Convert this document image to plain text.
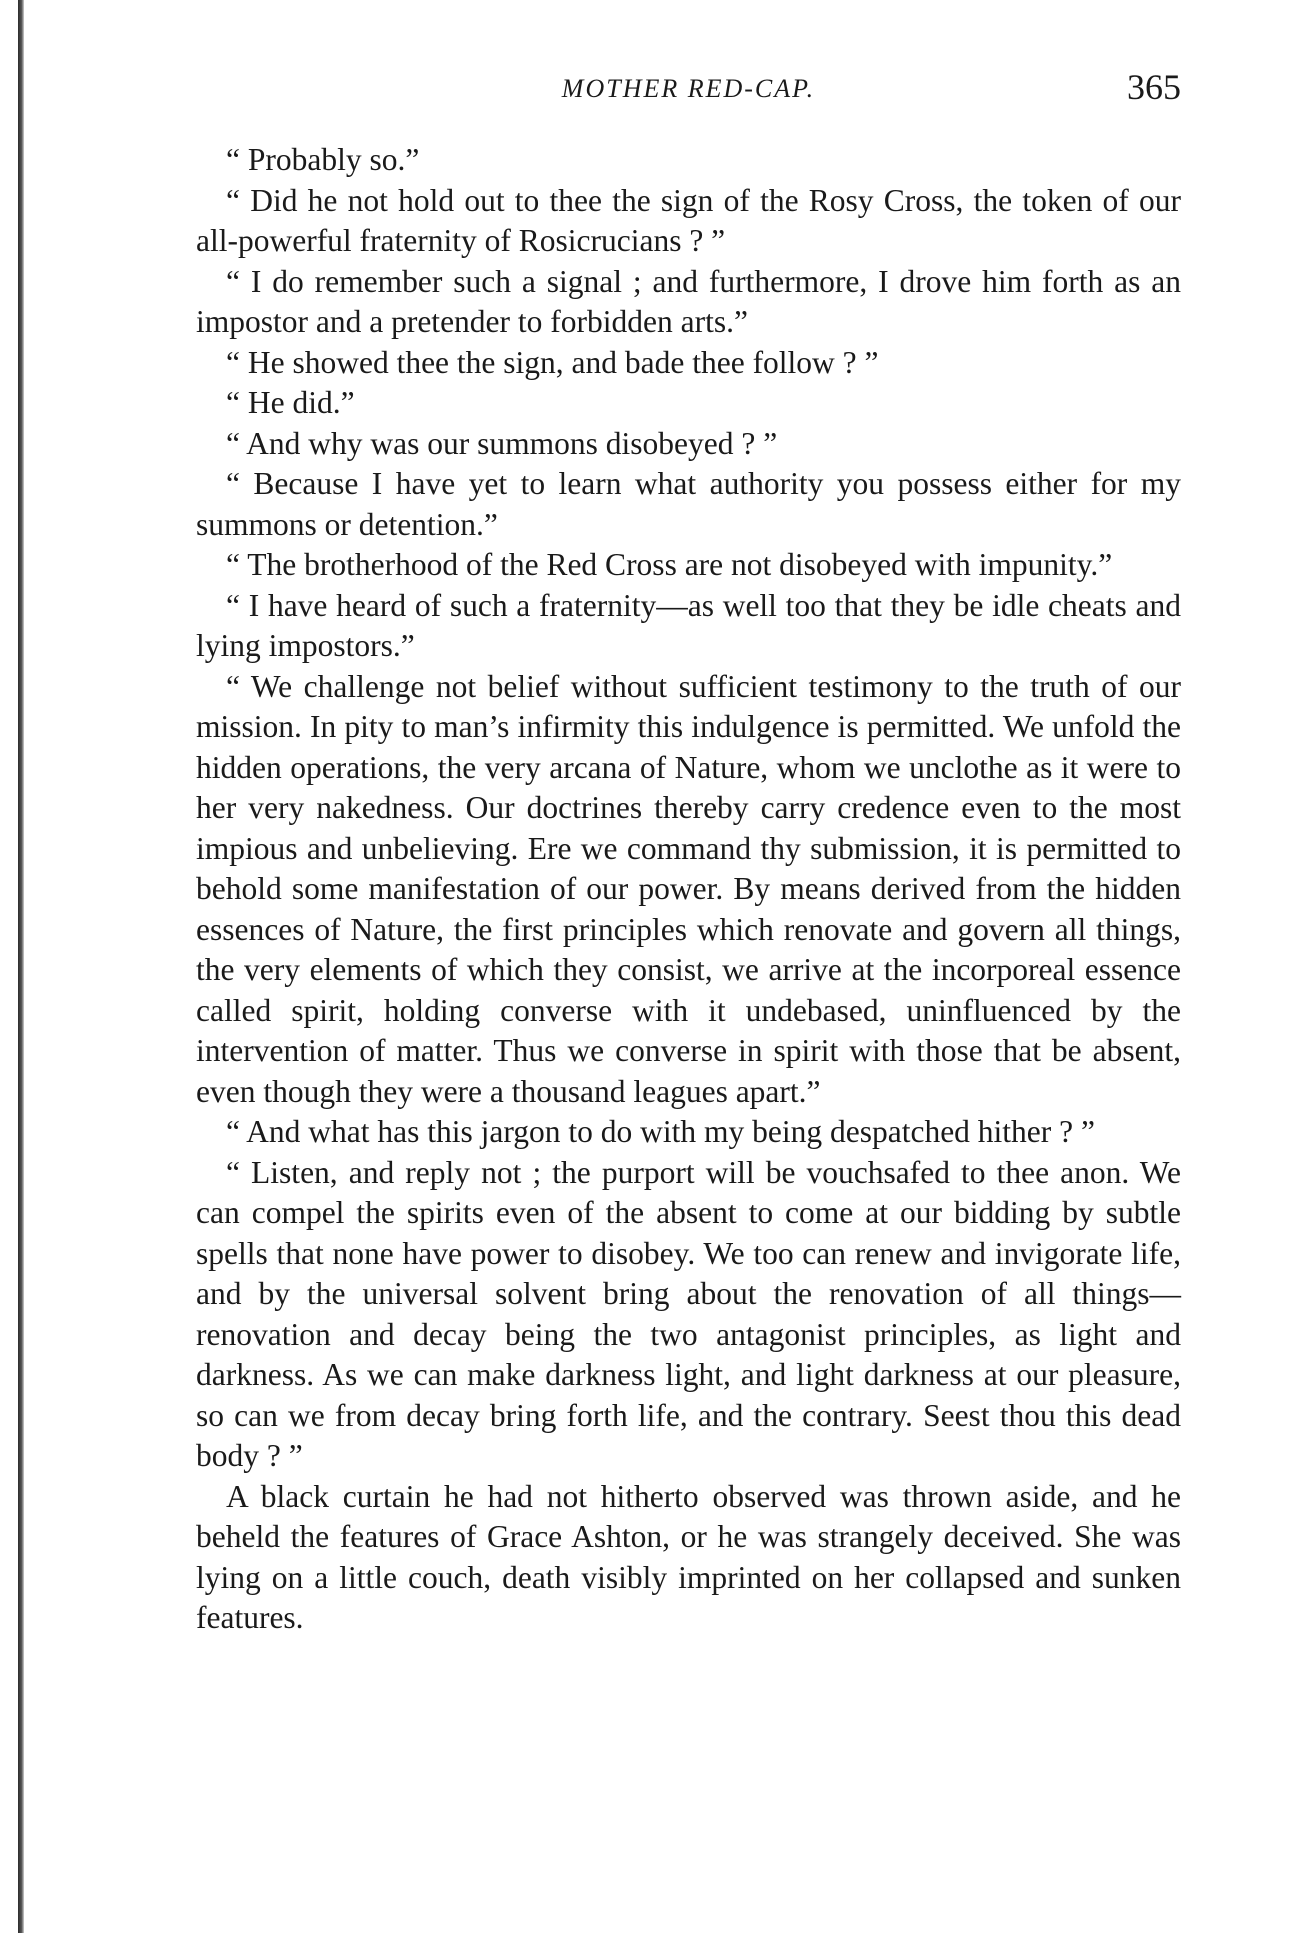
MOTHER RED-CAP.	365

“ Probably so.”

“ Did he not hold out to thee the sign of the Rosy Cross, the token of our all-powerful fraternity of Rosicrucians ? ”

“ I do remember such a signal ; and furthermore, I drove him forth as an impostor and a pretender to forbidden arts.”

“ He showed thee the sign, and bade thee follow ? ”

“ He did.”

“ And why was our summons disobeyed ? ”

“ Because I have yet to learn what authority you possess either for my summons or detention.”

“ The brotherhood of the Red Cross are not disobeyed with impunity.”

“ I have heard of such a fraternity—as well too that they be idle cheats and lying impostors.”

“ We challenge not belief without sufficient testimony to the truth of our mission. In pity to man’s infirmity this indulgence is permitted. We unfold the hidden operations, the very arcana of Nature, whom we unclothe as it were to her very nakedness. Our doctrines thereby carry credence even to the most impious and unbelieving. Ere we command thy submission, it is permitted to behold some manifestation of our power. By means derived from the hidden essences of Nature, the first principles which renovate and govern all things, the very elements of which they consist, we arrive at the incorporeal essence called spirit, holding converse with it undebased, uninfluenced by the intervention of matter. Thus we converse in spirit with those that be absent, even though they were a thousand leagues apart.”

“ And what has this jargon to do with my being despatched hither ? ”

“ Listen, and reply not ; the purport will be vouchsafed to thee anon. We can compel the spirits even of the absent to come at our bidding by subtle spells that none have power to disobey. We too can renew and invigorate life, and by the universal solvent bring about the renovation of all things—renovation and decay being the two antagonist principles, as light and darkness. As we can make darkness light, and light darkness at our pleasure, so can we from decay bring forth life, and the contrary. Seest thou this dead body ? ”

A black curtain he had not hitherto observed was thrown aside, and he beheld the features of Grace Ashton, or he was strangely deceived. She was lying on a little couch, death visibly imprinted on her collapsed and sunken features.
